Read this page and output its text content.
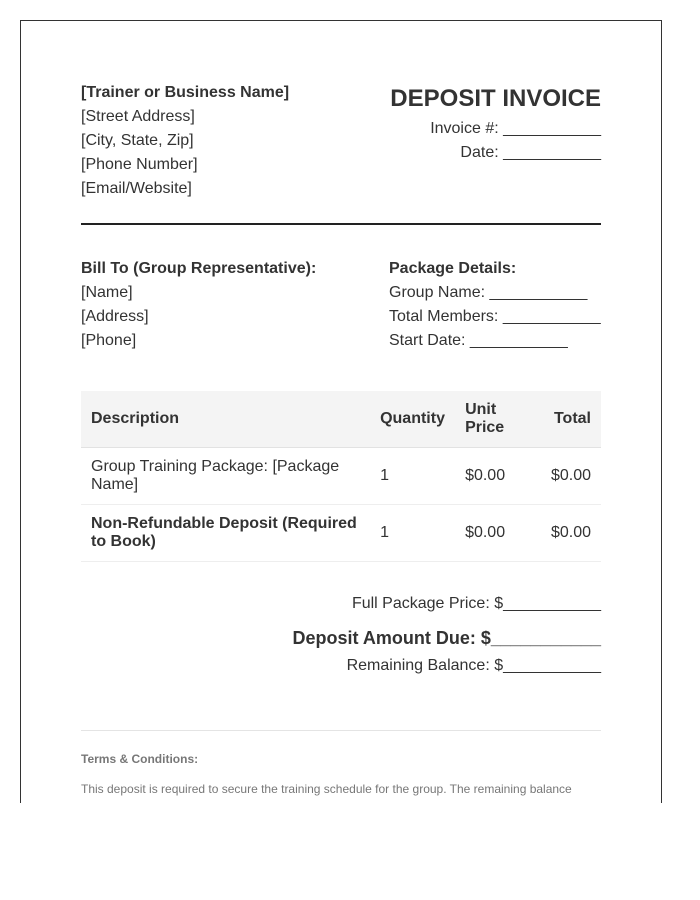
[Trainer or Business Name]
[Street Address]
[City, State, Zip]
[Phone Number]
[Email/Website]
DEPOSIT INVOICE
Invoice #: ___________
Date: ___________
Bill To (Group Representative):
[Name]
[Address]
[Phone]
Package Details:
Group Name: ___________
Total Members: ___________
Start Date: ___________
Description	Quantity	Unit Price	Total
Group Training Package: [Package Name]	1	$0.00	$0.00
Non-Refundable Deposit (Required to Book)	1	$0.00	$0.00
Full Package Price: $___________
Deposit Amount Due: $___________
Remaining Balance: $___________
Terms & Conditions:
This deposit is required to secure the training schedule for the group. The remaining balance
